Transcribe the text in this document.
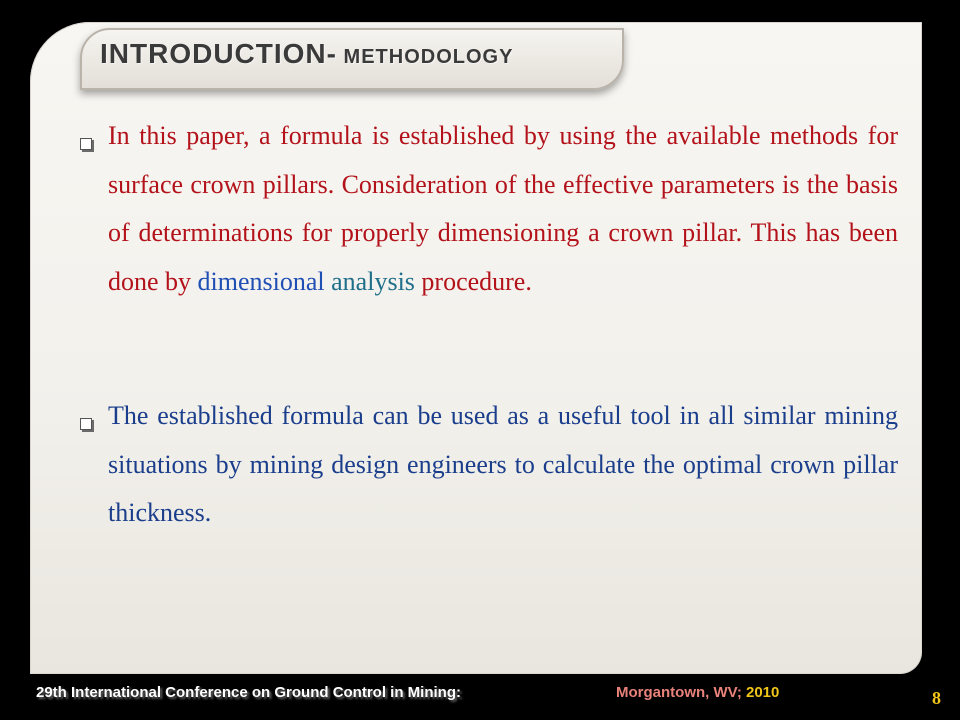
INTRODUCTION- METHODOLOGY
In this paper, a formula is established by using the available methods for surface crown pillars. Consideration of the effective parameters is the basis of determinations for properly dimensioning a crown pillar. This has been done by dimensional analysis procedure.
The established formula can be used as a useful tool in all similar mining situations by mining design engineers to calculate the optimal crown pillar thickness.
29th International Conference on Ground Control in Mining:	Morgantown, WV; 2010	8
